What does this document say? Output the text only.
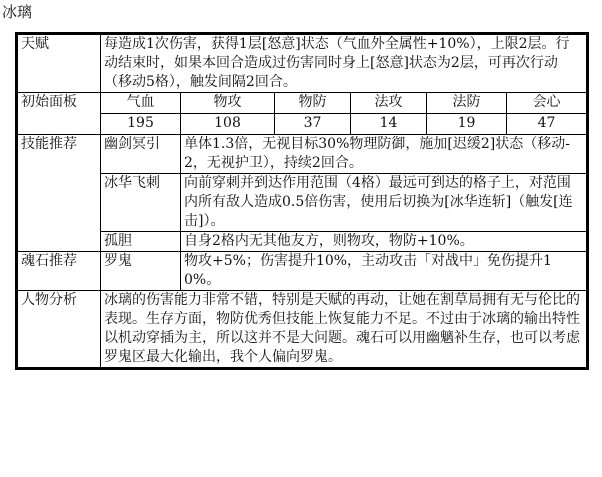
冰璃
天赋	每造成1次伤害，获得1层[怒意]状态（气血外全属性+10%），上限2层。行动结束时，如果本回合造成过伤害同时身上[怒意]状态为2层，可再次行动（移动5格），触发间隔2回合。					
初始面板	气血	物攻	物防	法攻	法防	会心
	195	108	37	14	19	47
技能推荐	幽剑冥引	单体1.3倍，无视目标30%物理防御，施加[迟缓2]状态（移动-2，无视护卫），持续2回合。				
	冰华飞刺	向前穿刺并到达作用范围（4格）最远可到达的格子上，对范围内所有敌人造成0.5倍伤害，使用后切换为[冰华连斩]（触发[连击]）。				
	孤胆	自身2格内无其他友方，则物攻，物防+10%。				
魂石推荐	罗鬼	物攻+5%；伤害提升10%，主动攻击「对战中」免伤提升10%。				
人物分析	冰璃的伤害能力非常不错，特别是天赋的再动，让她在割草局拥有无与伦比的表现。生存方面，物防优秀但技能上恢复能力不足。不过由于冰璃的输出特性以机动穿插为主，所以这并不是大问题。魂石可以用幽魑补生存，也可以考虑罗鬼区最大化输出，我个人偏向罗鬼。					
